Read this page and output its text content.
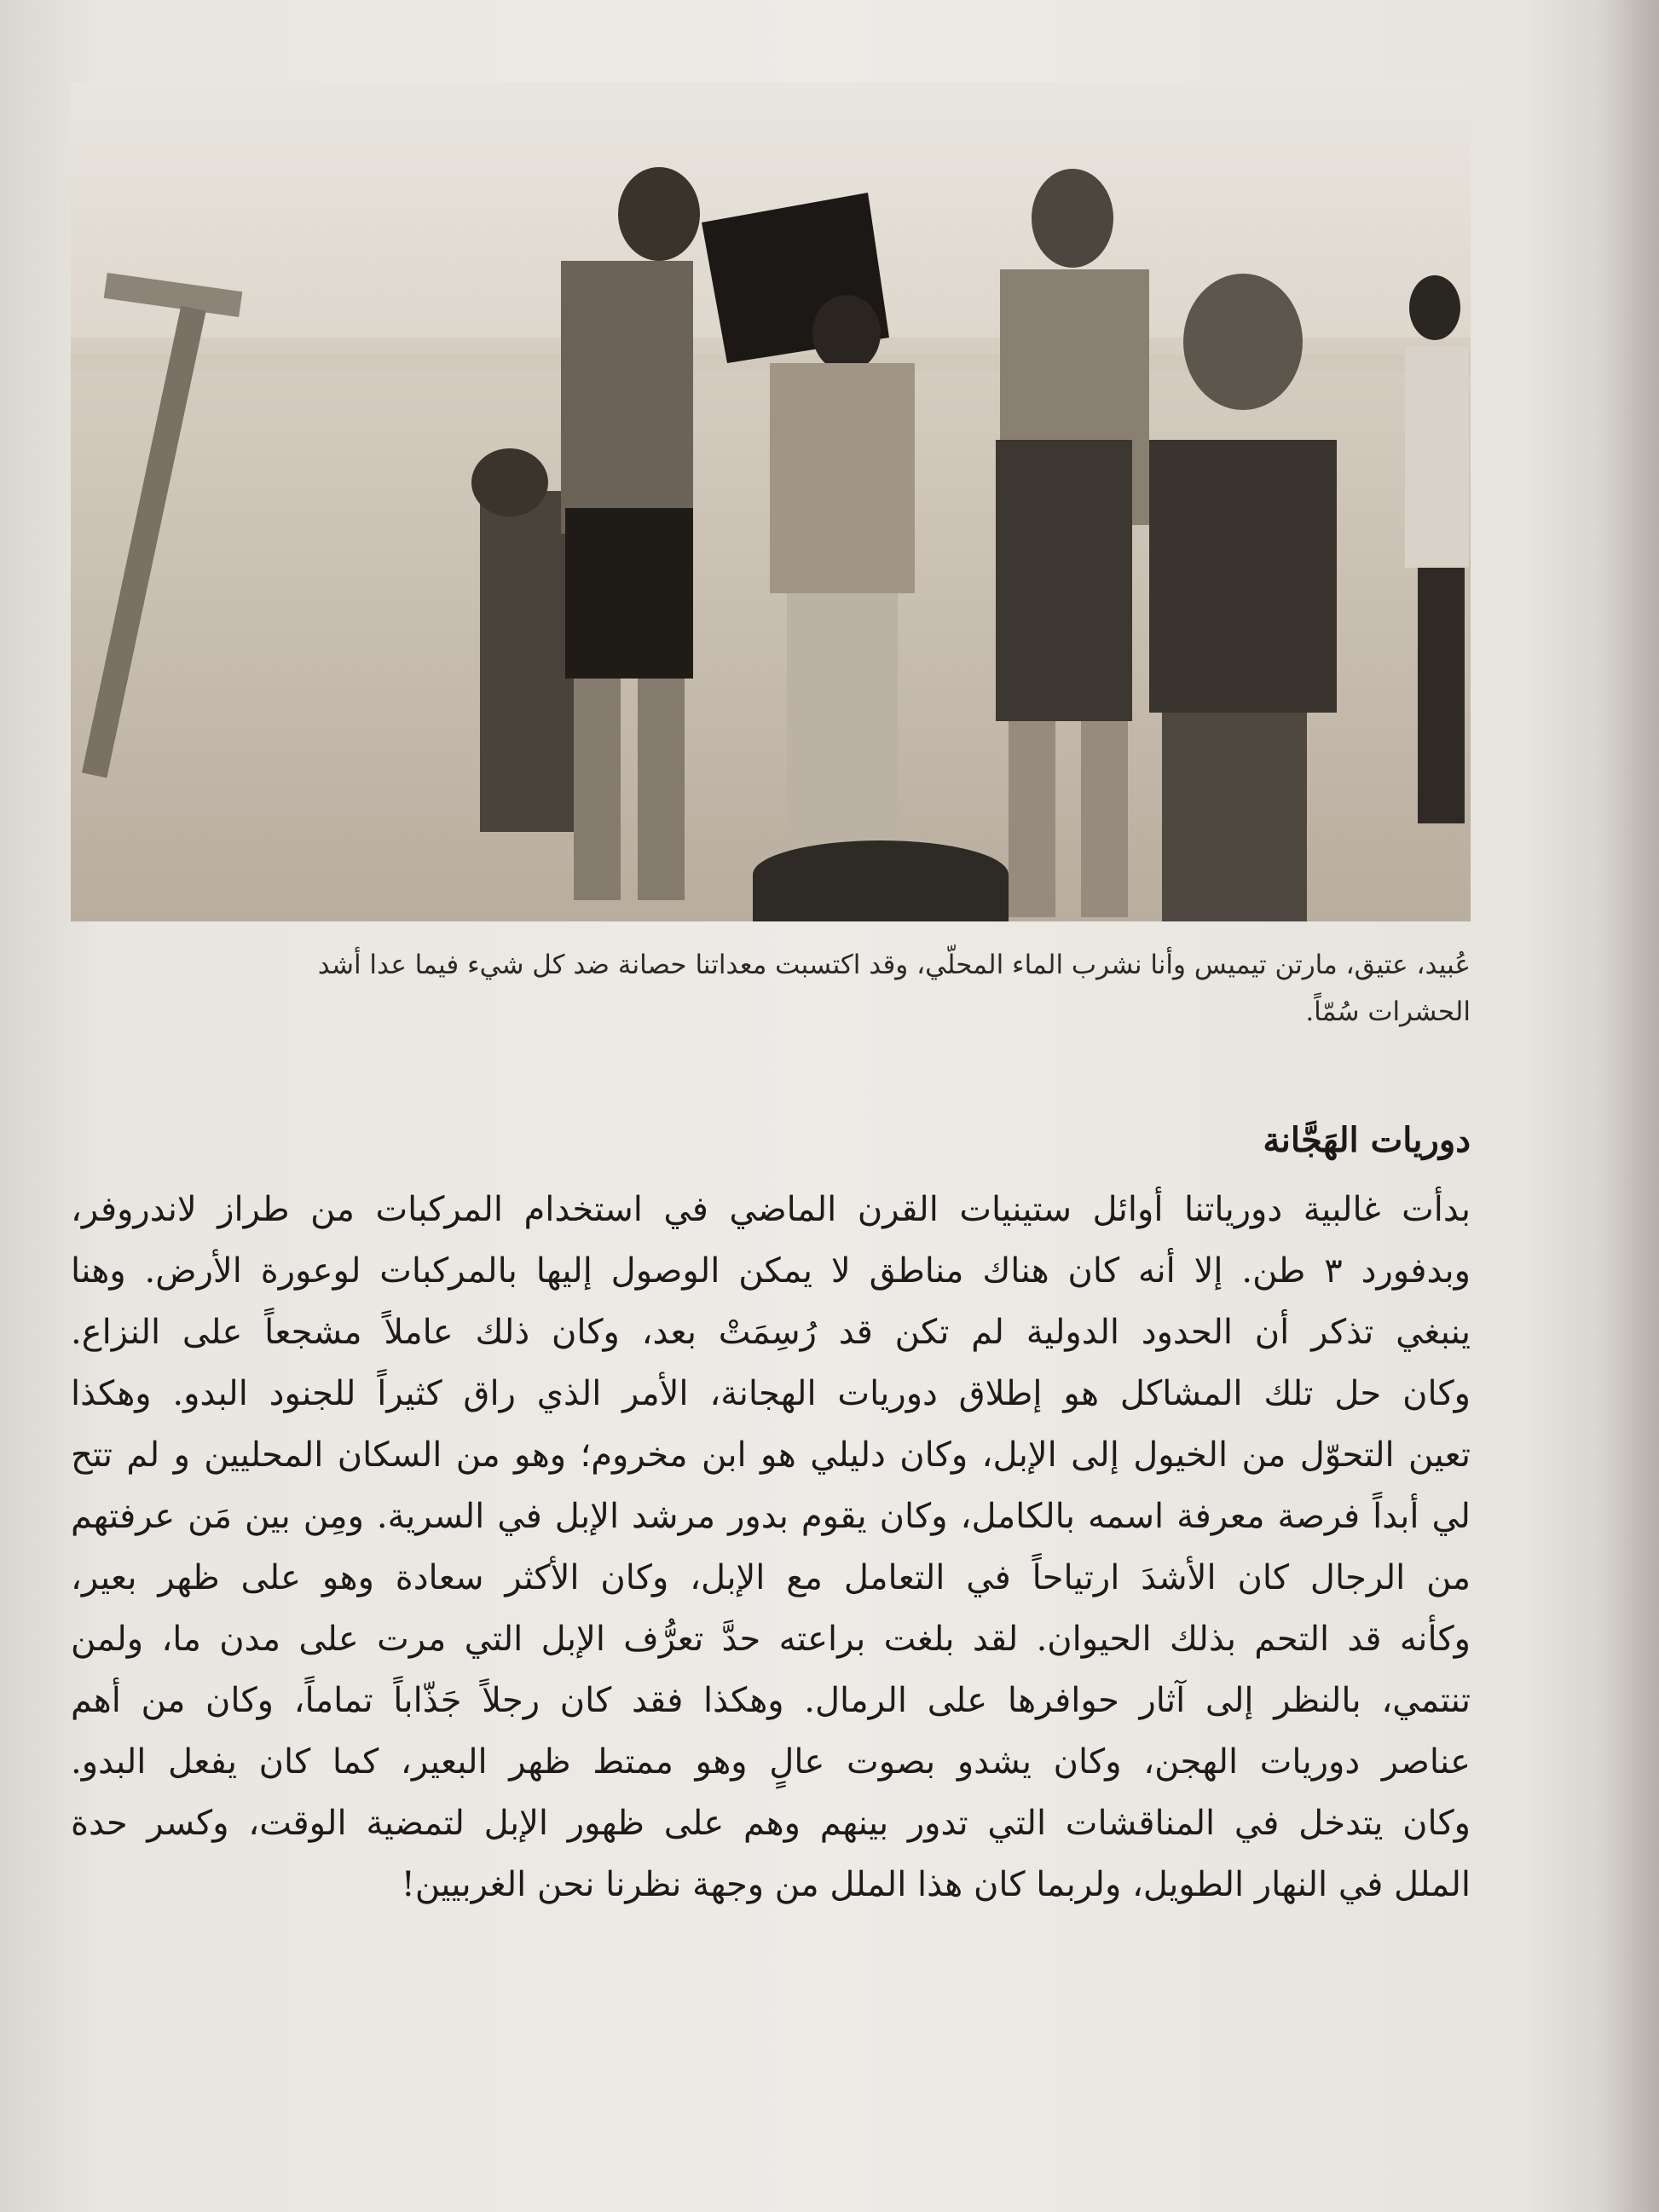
عُبيد، عتيق، مارتن تيميس وأنا نشرب الماء المحلّي، وقد اكتسبت معداتنا حصانة ضد كل شيء فيما عدا أشد

الحشرات سُمّاً.

دوريات الهَجَّانة
بدأت غالبية دورياتنا أوائل ستينيات القرن الماضي في استخدام المركبات من طراز لاندروفر،
وبدفورد ٣ طن. إلا أنه كان هناك مناطق لا يمكن الوصول إليها بالمركبات لوعورة الأرض. وهنا
ينبغي تذكر أن الحدود الدولية لم تكن قد رُسِمَتْ بعد، وكان ذلك عاملاً مشجعاً على النزاع.
وكان حل تلك المشاكل هو إطلاق دوريات الهجانة، الأمر الذي راق كثيراً للجنود البدو. وهكذا
تعين التحوّل من الخيول إلى الإبل، وكان دليلي هو ابن مخروم؛ وهو من السكان المحليين و لم تتح
لي أبداً فرصة معرفة اسمه بالكامل، وكان يقوم بدور مرشد الإبل في السرية. ومِن بين مَن عرفتهم
من الرجال كان الأشدَ ارتياحاً في التعامل مع الإبل، وكان الأكثر سعادة وهو على ظهر بعير،
وكأنه قد التحم بذلك الحيوان. لقد بلغت براعته حدَّ تعرُّف الإبل التي مرت على مدن ما، ولمن
تنتمي، بالنظر إلى آثار حوافرها على الرمال. وهكذا فقد كان رجلاً جَذّاباً تماماً، وكان من أهم
عناصر دوريات الهجن، وكان يشدو بصوت عالٍ وهو ممتط ظهر البعير، كما كان يفعل البدو.
وكان يتدخل في المناقشات التي تدور بينهم وهم على ظهور الإبل لتمضية الوقت، وكسر حدة
الملل في النهار الطويل، ولربما كان هذا الملل من وجهة نظرنا نحن الغربيين!
